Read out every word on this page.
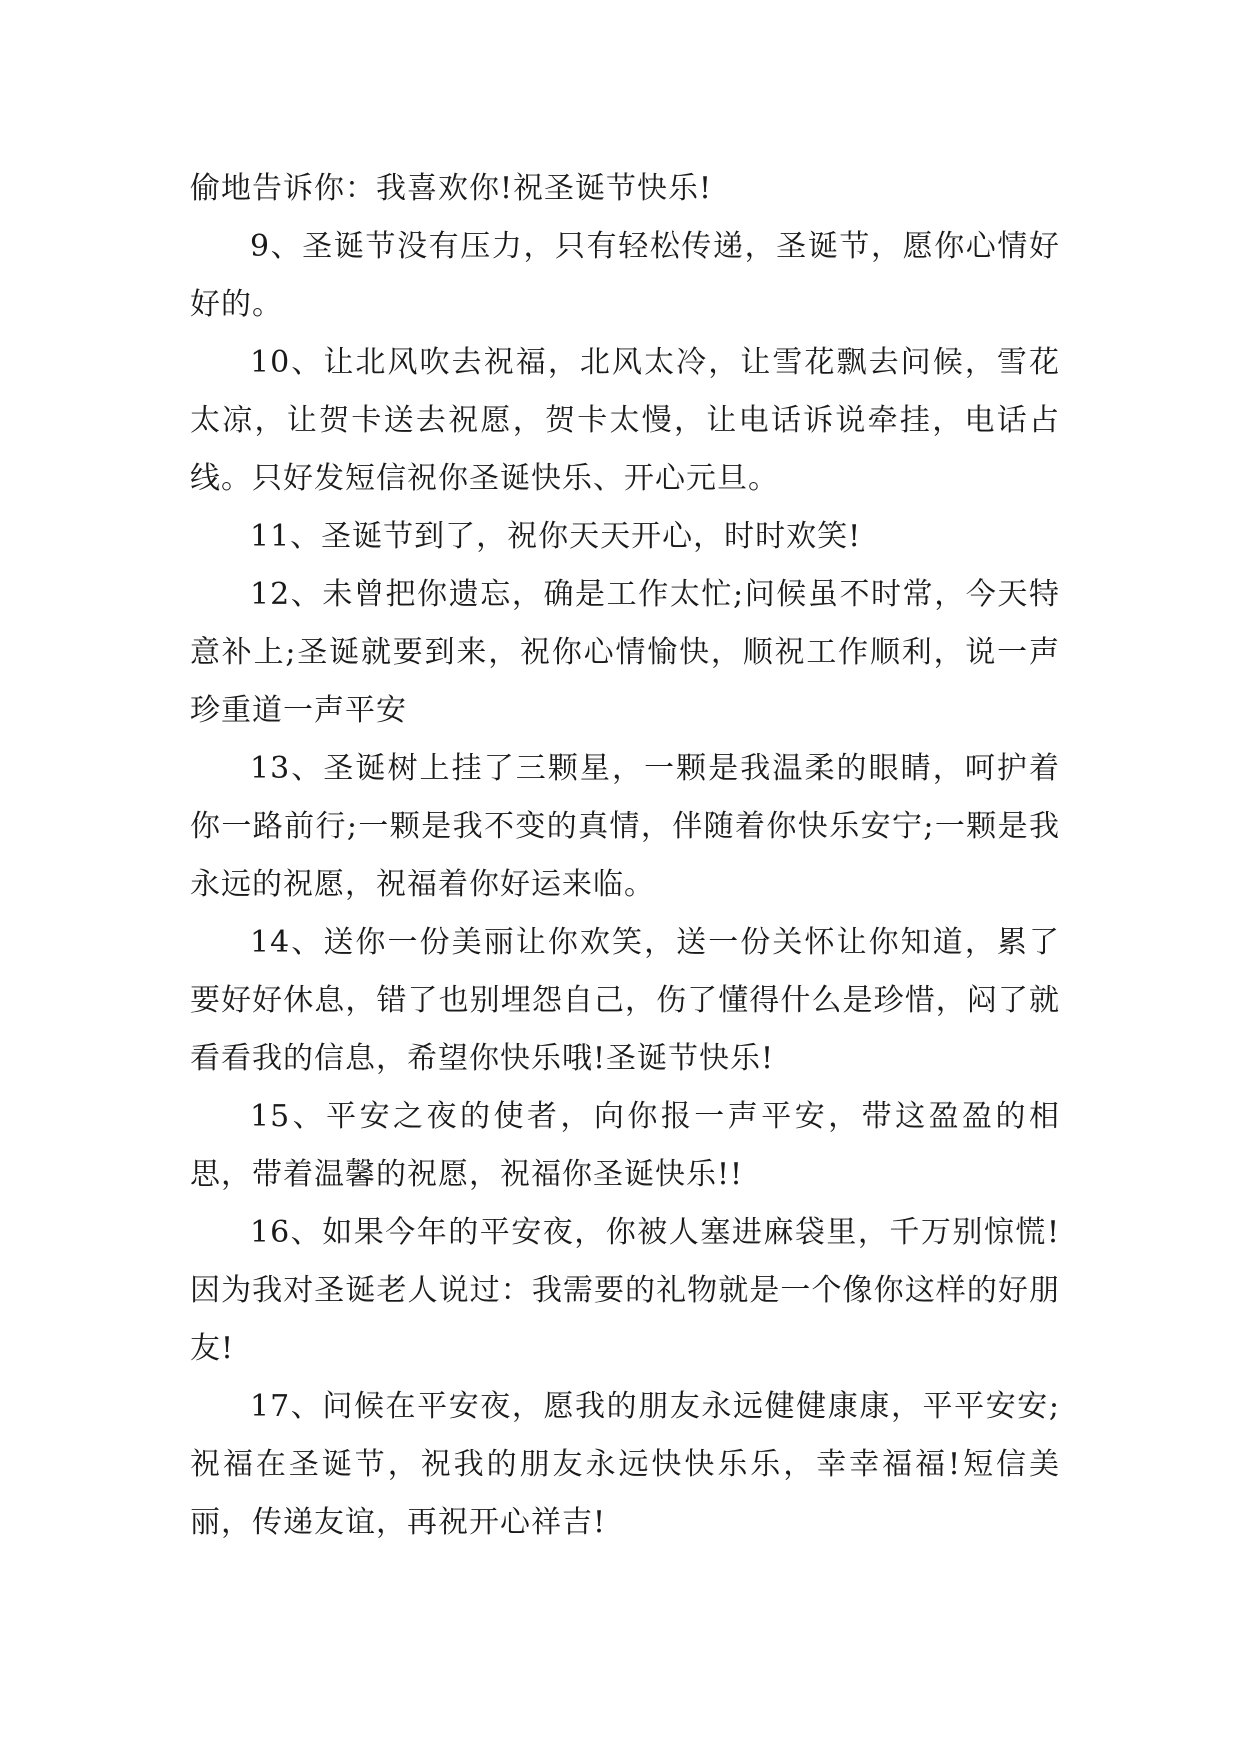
偷地告诉你：我喜欢你!祝圣诞节快乐!

9、圣诞节没有压力，只有轻松传递，圣诞节，愿你心情好好的。

10、让北风吹去祝福，北风太冷，让雪花飘去问候，雪花太凉，让贺卡送去祝愿，贺卡太慢，让电话诉说牵挂，电话占线。只好发短信祝你圣诞快乐、开心元旦。

11、圣诞节到了，祝你天天开心，时时欢笑!

12、未曾把你遗忘，确是工作太忙;问候虽不时常，今天特意补上;圣诞就要到来，祝你心情愉快，顺祝工作顺利，说一声珍重道一声平安

13、圣诞树上挂了三颗星，一颗是我温柔的眼睛，呵护着你一路前行;一颗是我不变的真情，伴随着你快乐安宁;一颗是我永远的祝愿，祝福着你好运来临。

14、送你一份美丽让你欢笑，送一份关怀让你知道，累了要好好休息，错了也别埋怨自己，伤了懂得什么是珍惜，闷了就看看我的信息，希望你快乐哦!圣诞节快乐!

15、平安之夜的使者，向你报一声平安，带这盈盈的相思，带着温馨的祝愿，祝福你圣诞快乐!!

16、如果今年的平安夜，你被人塞进麻袋里，千万别惊慌!因为我对圣诞老人说过：我需要的礼物就是一个像你这样的好朋友!

17、问候在平安夜，愿我的朋友永远健健康康，平平安安;祝福在圣诞节，祝我的朋友永远快快乐乐，幸幸福福!短信美丽，传递友谊，再祝开心祥吉!
